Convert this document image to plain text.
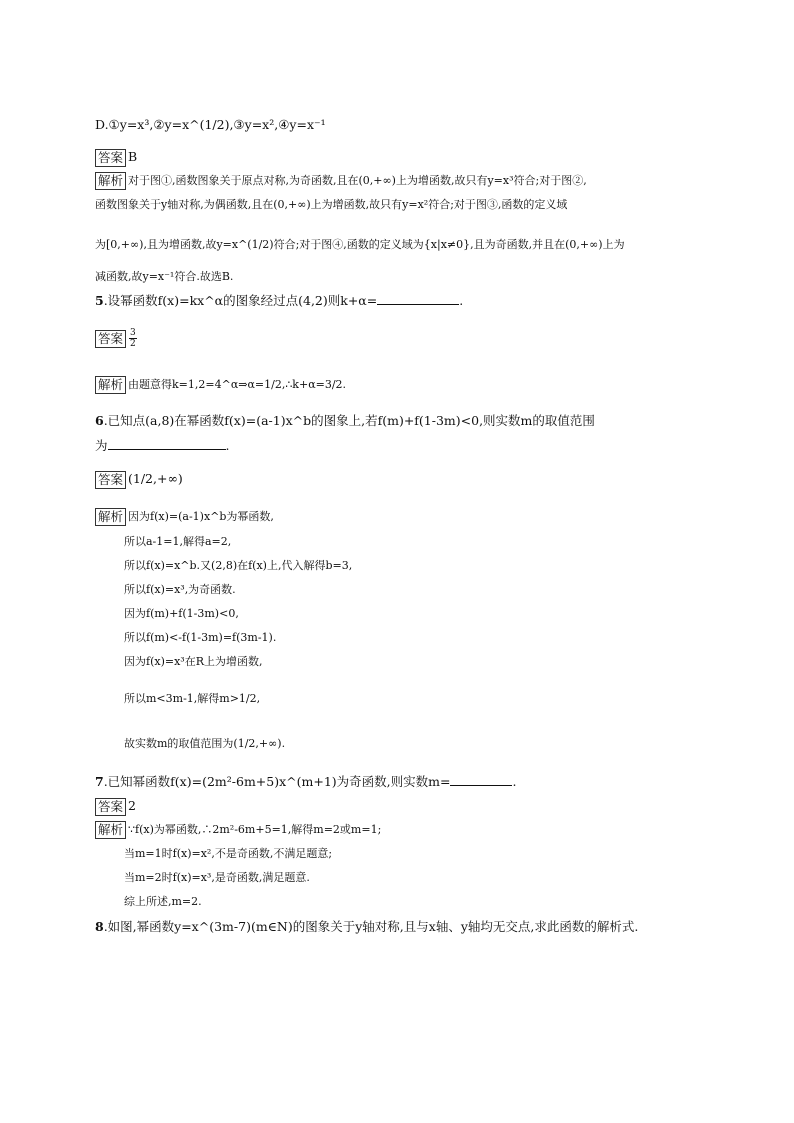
D.①y=x³,②y=x^(1/2),③y=x²,④y=x⁻¹
答案 B
解析 对于图①,函数图象关于原点对称,为奇函数,且在(0,+∞)上为增函数,故只有y=x³符合;对于图②,
函数图象关于y轴对称,为偶函数,且在(0,+∞)上为增函数,故只有y=x²符合;对于图③,函数的定义域
为[0,+∞),且为增函数,故y=x^(1/2)符合;对于图④,函数的定义域为{x|x≠0},且为奇函数,并且在(0,+∞)上为
减函数,故y=x⁻¹符合.故选B.
5.设幂函数f(x)=kx^α的图象经过点(4,2)则k+α=	.
答案 $\frac{3}{2}$
解析 由题意得k=1,2=4^α⇒α=1/2,∴k+α=3/2.
6.已知点(a,8)在幂函数f(x)=(a-1)x^b的图象上,若f(m)+f(1-3m)<0,则实数m的取值范围
为	.
答案 (1/2,+∞)
解析 因为f(x)=(a-1)x^b为幂函数,
所以a-1=1,解得a=2,
所以f(x)=x^b.又(2,8)在f(x)上,代入解得b=3,
所以f(x)=x³,为奇函数.
因为f(m)+f(1-3m)<0,
所以f(m)<-f(1-3m)=f(3m-1).
因为f(x)=x³在R上为增函数,
所以m<3m-1,解得m>1/2,
故实数m的取值范围为(1/2,+∞).
7.已知幂函数f(x)=(2m²-6m+5)x^(m+1)为奇函数,则实数m=	.
答案 2
解析 ∵f(x)为幂函数,∴2m²-6m+5=1,解得m=2或m=1;
当m=1时f(x)=x²,不是奇函数,不满足题意;
当m=2时f(x)=x³,是奇函数,满足题意.
综上所述,m=2.
8.如图,幂函数y=x^(3m-7)(m∈N)的图象关于y轴对称,且与x轴、y轴均无交点,求此函数的解析式.
